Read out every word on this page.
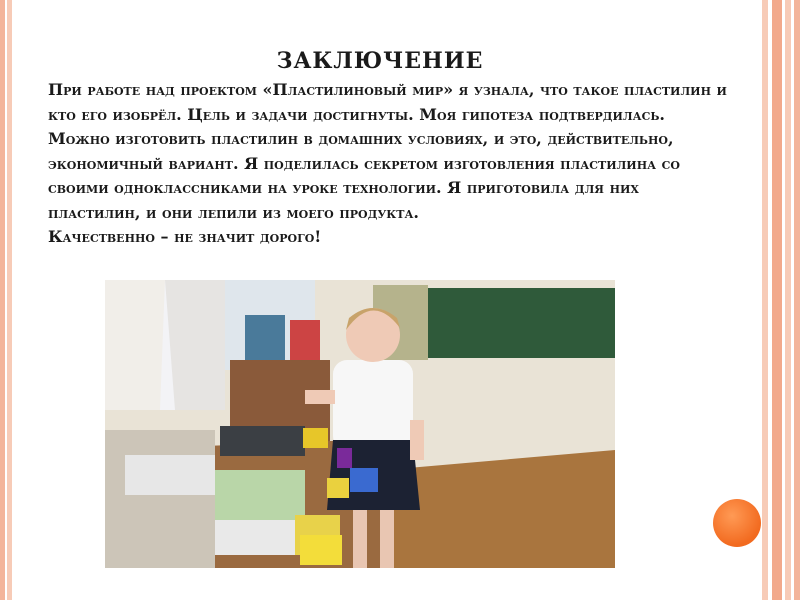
ЗАКЛЮЧЕНИЕ

При работе над проектом «Пластилиновый мир» я узнала, что такое пластилин и кто его изобрёл. Цель и задачи достигнуты. Моя гипотеза подтвердилась. Можно изготовить пластилин в домашних условиях, и это, действительно, экономичный вариант. Я поделилась секретом изготовления пластилина со своими одноклассниками на уроке технологии. Я приготовила для них пластилин, и они лепили из моего продукта.

Качественно – не значит дорого!
